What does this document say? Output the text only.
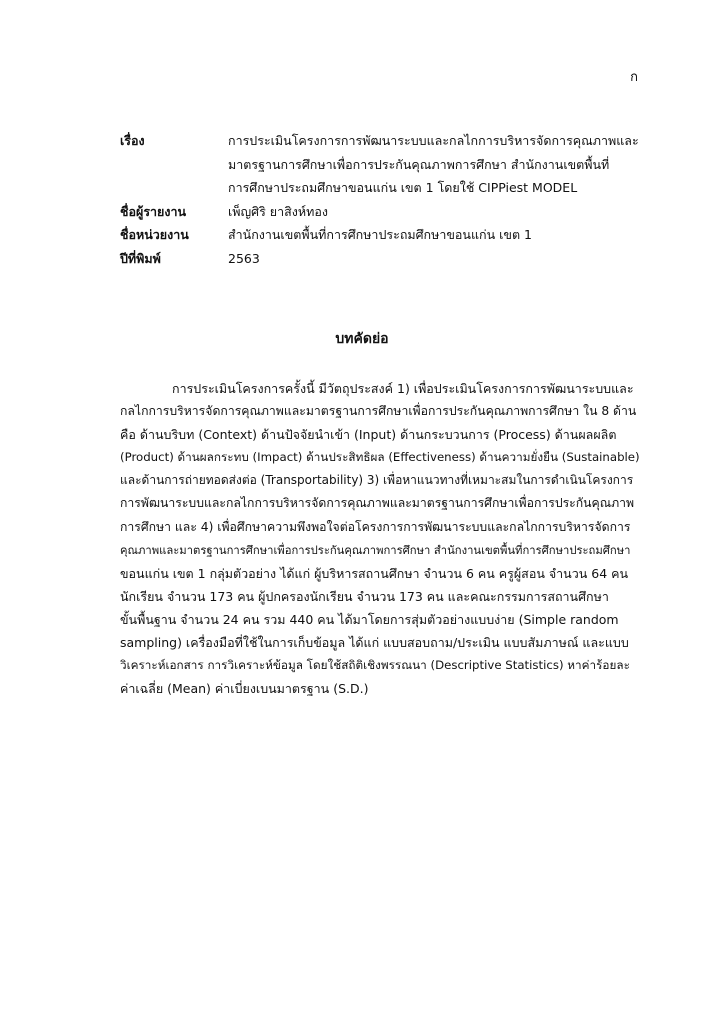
ก
เรื่อง	การประเมินโครงการการพัฒนาระบบและกลไกการบริหารจัดการคุณภาพและ
มาตรฐานการศึกษาเพื่อการประกันคุณภาพการศึกษา สำนักงานเขตพื้นที่
การศึกษาประถมศึกษาขอนแก่น เขต 1 โดยใช้ CIPPiest MODEL
ชื่อผู้รายงาน	เพ็ญศิริ ยาสิงห์ทอง
ชื่อหน่วยงาน	สำนักงานเขตพื้นที่การศึกษาประถมศึกษาขอนแก่น เขต 1
ปีที่พิมพ์	2563
บทคัดย่อ
การประเมินโครงการครั้งนี้ มีวัตถุประสงค์ 1) เพื่อประเมินโครงการการพัฒนาระบบและ
กลไกการบริหารจัดการคุณภาพและมาตรฐานการศึกษาเพื่อการประกันคุณภาพการศึกษา ใน 8 ด้าน
คือ ด้านบริบท (Context) ด้านปัจจัยนำเข้า (Input) ด้านกระบวนการ (Process) ด้านผลผลิต
(Product) ด้านผลกระทบ (Impact) ด้านประสิทธิผล (Effectiveness) ด้านความยั่งยืน (Sustainable)
และด้านการถ่ายทอดส่งต่อ (Transportability) 3) เพื่อหาแนวทางที่เหมาะสมในการดำเนินโครงการ
การพัฒนาระบบและกลไกการบริหารจัดการคุณภาพและมาตรฐานการศึกษาเพื่อการประกันคุณภาพ
การศึกษา และ 4) เพื่อศึกษาความพึงพอใจต่อโครงการการพัฒนาระบบและกลไกการบริหารจัดการ
คุณภาพและมาตรฐานการศึกษาเพื่อการประกันคุณภาพการศึกษา สำนักงานเขตพื้นที่การศึกษาประถมศึกษา
ขอนแก่น เขต 1 กลุ่มตัวอย่าง ได้แก่ ผู้บริหารสถานศึกษา จำนวน 6 คน ครูผู้สอน จำนวน 64 คน
นักเรียน จำนวน 173 คน ผู้ปกครองนักเรียน จำนวน 173 คน และคณะกรรมการสถานศึกษา
ขั้นพื้นฐาน จำนวน 24 คน รวม 440 คน ได้มาโดยการสุ่มตัวอย่างแบบง่าย (Simple random
sampling) เครื่องมือที่ใช้ในการเก็บข้อมูล ได้แก่ แบบสอบถาม/ประเมิน แบบสัมภาษณ์ และแบบ
วิเคราะห์เอกสาร การวิเคราะห์ข้อมูล โดยใช้สถิติเชิงพรรณนา (Descriptive Statistics) หาค่าร้อยละ
ค่าเฉลี่ย (Mean) ค่าเบี่ยงเบนมาตรฐาน (S.D.)
